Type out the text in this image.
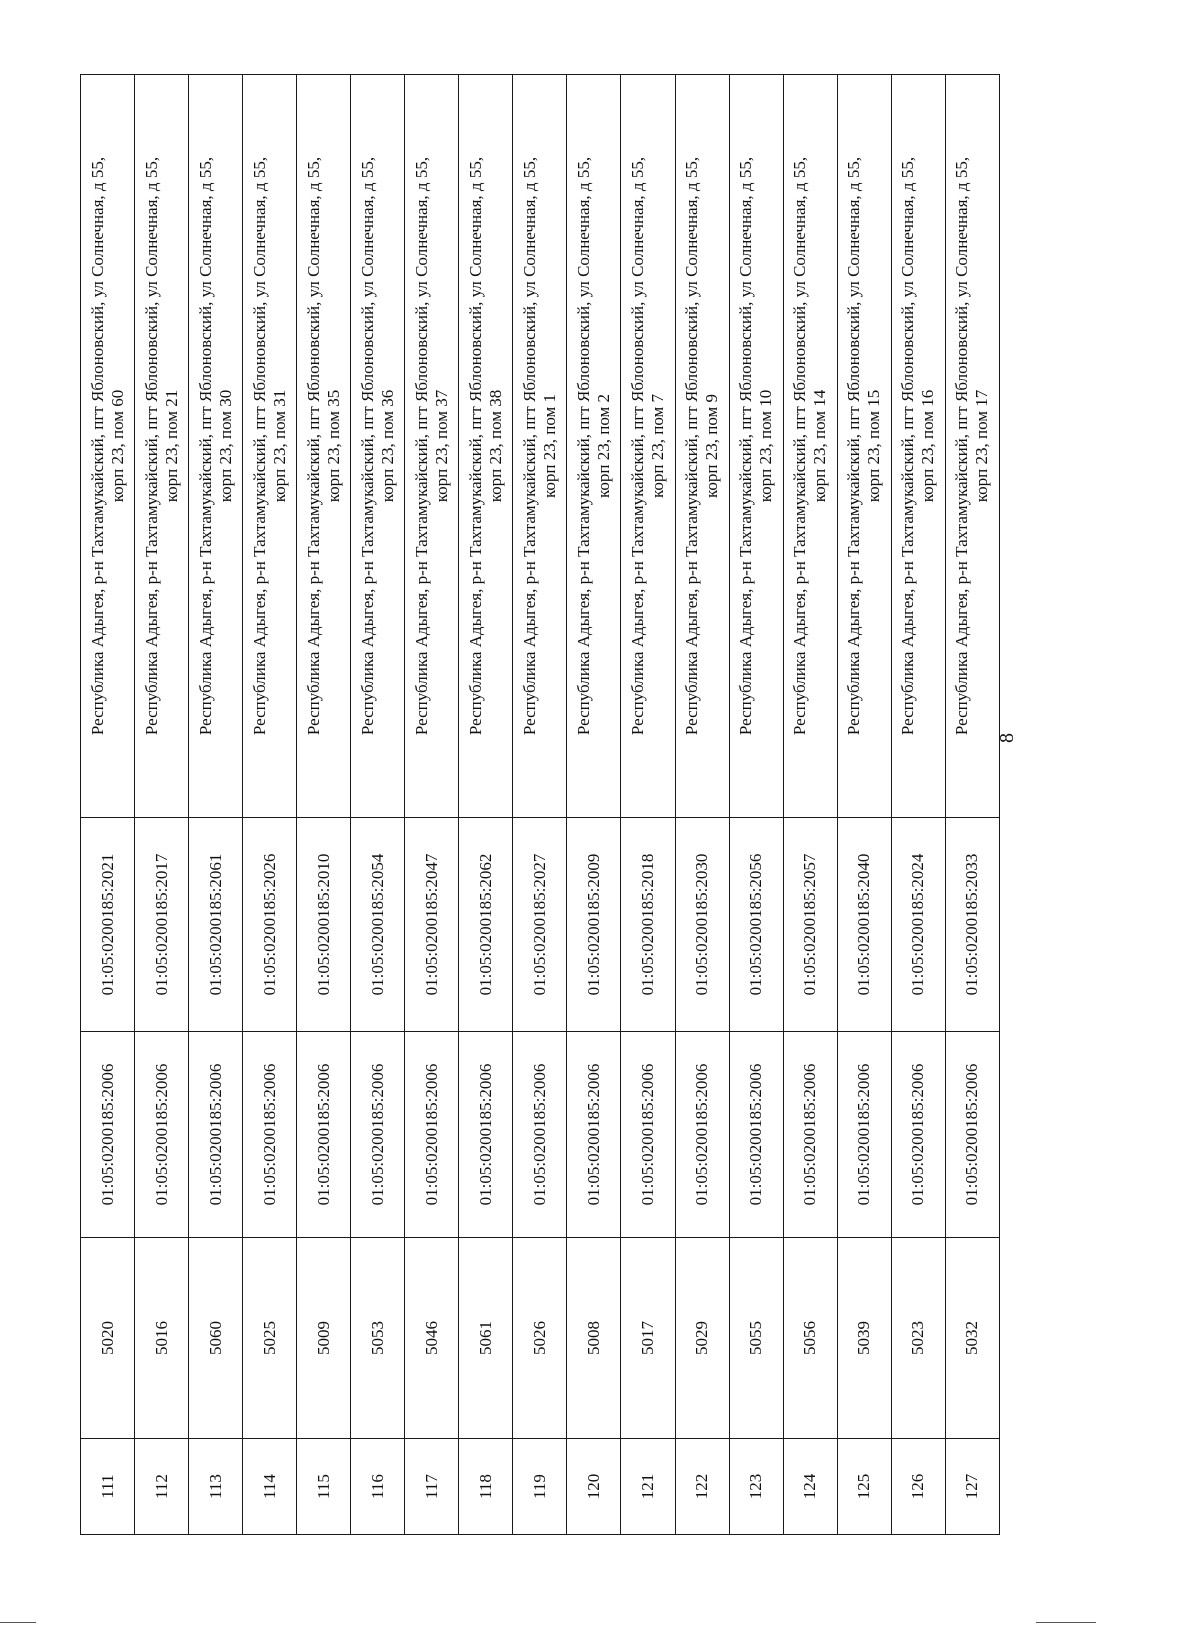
111	5020	01:05:0200185:2006	01:05:0200185:2021	Республика Адыгея, р-н Тахтамукайский, пгт Яблоновский, ул Солнечная, д 55, корп 23, пом 60

112	5016	01:05:0200185:2006	01:05:0200185:2017	Республика Адыгея, р-н Тахтамукайский, пгт Яблоновский, ул Солнечная, д 55, корп 23, пом 21

113	5060	01:05:0200185:2006	01:05:0200185:2061	Республика Адыгея, р-н Тахтамукайский, пгт Яблоновский, ул Солнечная, д 55, корп 23, пом 30

114	5025	01:05:0200185:2006	01:05:0200185:2026	Республика Адыгея, р-н Тахтамукайский, пгт Яблоновский, ул Солнечная, д 55, корп 23, пом 31

115	5009	01:05:0200185:2006	01:05:0200185:2010	Республика Адыгея, р-н Тахтамукайский, пгт Яблоновский, ул Солнечная, д 55, корп 23, пом 35

116	5053	01:05:0200185:2006	01:05:0200185:2054	Республика Адыгея, р-н Тахтамукайский, пгт Яблоновский, ул Солнечная, д 55, корп 23, пом 36

117	5046	01:05:0200185:2006	01:05:0200185:2047	Республика Адыгея, р-н Тахтамукайский, пгт Яблоновский, ул Солнечная, д 55, корп 23, пом 37

118	5061	01:05:0200185:2006	01:05:0200185:2062	Республика Адыгея, р-н Тахтамукайский, пгт Яблоновский, ул Солнечная, д 55, корп 23, пом 38

119	5026	01:05:0200185:2006	01:05:0200185:2027	Республика Адыгея, р-н Тахтамукайский, пгт Яблоновский, ул Солнечная, д 55, корп 23, пом 1

120	5008	01:05:0200185:2006	01:05:0200185:2009	Республика Адыгея, р-н Тахтамукайский, пгт Яблоновский, ул Солнечная, д 55, корп 23, пом 2

121	5017	01:05:0200185:2006	01:05:0200185:2018	Республика Адыгея, р-н Тахтамукайский, пгт Яблоновский, ул Солнечная, д 55, корп 23, пом 7

122	5029	01:05:0200185:2006	01:05:0200185:2030	Республика Адыгея, р-н Тахтамукайский, пгт Яблоновский, ул Солнечная, д 55, корп 23, пом 9

123	5055	01:05:0200185:2006	01:05:0200185:2056	Республика Адыгея, р-н Тахтамукайский, пгт Яблоновский, ул Солнечная, д 55, корп 23, пом 10

124	5056	01:05:0200185:2006	01:05:0200185:2057	Республика Адыгея, р-н Тахтамукайский, пгт Яблоновский, ул Солнечная, д 55, корп 23, пом 14

125	5039	01:05:0200185:2006	01:05:0200185:2040	Республика Адыгея, р-н Тахтамукайский, пгт Яблоновский, ул Солнечная, д 55, корп 23, пом 15

126	5023	01:05:0200185:2006	01:05:0200185:2024	Республика Адыгея, р-н Тахтамукайский, пгт Яблоновский, ул Солнечная, д 55, корп 23, пом 16

127	5032	01:05:0200185:2006	01:05:0200185:2033	Республика Адыгея, р-н Тахтамукайский, пгт Яблоновский, ул Солнечная, д 55, корп 23, пом 17
8
